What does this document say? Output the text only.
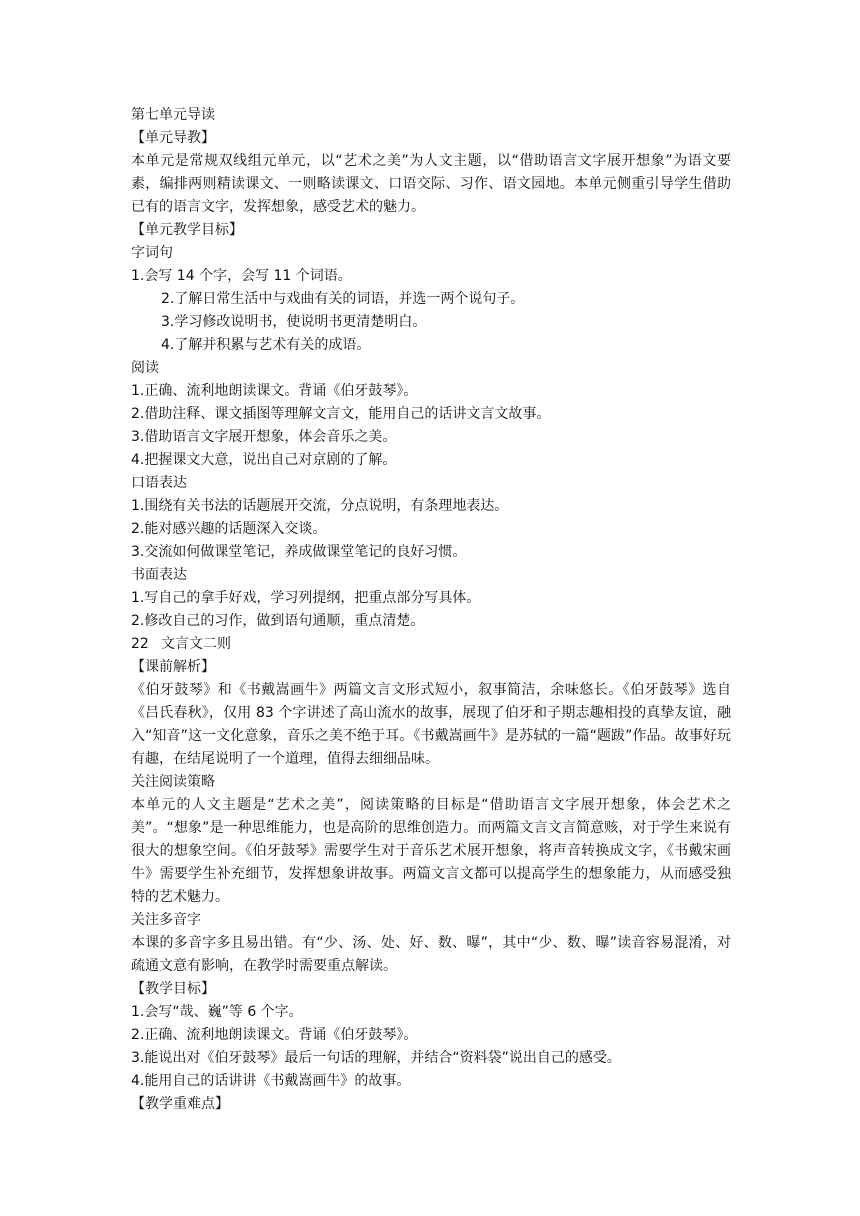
第七单元导读

【单元导教】

本单元是常规双线组元单元，以“艺术之美”为人文主题，以“借助语言文字展开想象”为语文要素，编排两则精读课文、一则略读课文、口语交际、习作、语文园地。本单元侧重引导学生借助已有的语言文字，发挥想象，感受艺术的魅力。

【单元教学目标】

字词句

1.会写 14 个字，会写 11 个词语。

2.了解日常生活中与戏曲有关的词语，并选一两个说句子。

3.学习修改说明书，使说明书更清楚明白。

4.了解并积累与艺术有关的成语。

阅读

1.正确、流利地朗读课文。背诵《伯牙鼓琴》。

2.借助注释、课文插图等理解文言文，能用自己的话讲文言文故事。

3.借助语言文字展开想象，体会音乐之美。

4.把握课文大意，说出自己对京剧的了解。

口语表达

1.围绕有关书法的话题展开交流，分点说明，有条理地表达。

2.能对感兴趣的话题深入交谈。

3.交流如何做课堂笔记，养成做课堂笔记的良好习惯。

书面表达

1.写自己的拿手好戏，学习列提纲，把重点部分写具体。

2.修改自己的习作，做到语句通顺，重点清楚。

22 文言文二则

【课前解析】

《伯牙鼓琴》和《书戴嵩画牛》两篇文言文形式短小，叙事简洁，余味悠长。《伯牙鼓琴》选自《吕氏春秋》，仅用 83 个字讲述了高山流水的故事，展现了伯牙和子期志趣相投的真挚友谊，融入“知音”这一文化意象，音乐之美不绝于耳。《书戴嵩画牛》是苏轼的一篇“题跋”作品。故事好玩有趣，在结尾说明了一个道理，值得去细细品味。

关注阅读策略

本单元的人文主题是“艺术之美”，阅读策略的目标是“借助语言文字展开想象，体会艺术之美”。“想象”是一种思维能力，也是高阶的思维创造力。而两篇文言文言简意赅，对于学生来说有很大的想象空间。《伯牙鼓琴》需要学生对于音乐艺术展开想象，将声音转换成文字，《书戴宋画牛》需要学生补充细节，发挥想象讲故事。两篇文言文都可以提高学生的想象能力，从而感受独特的艺术魅力。

关注多音字

本课的多音字多且易出错。有“少、汤、处、好、数、曝”，其中“少、数、曝”读音容易混淆，对疏通文意有影响，在教学时需要重点解读。

【教学目标】

1.会写“哉、巍”等 6 个字。

2.正确、流利地朗读课文。背诵《伯牙鼓琴》。

3.能说出对《伯牙鼓琴》最后一句话的理解，并结合“资料袋”说出自己的感受。

4.能用自己的话讲讲《书戴嵩画牛》的故事。

【教学重难点】
